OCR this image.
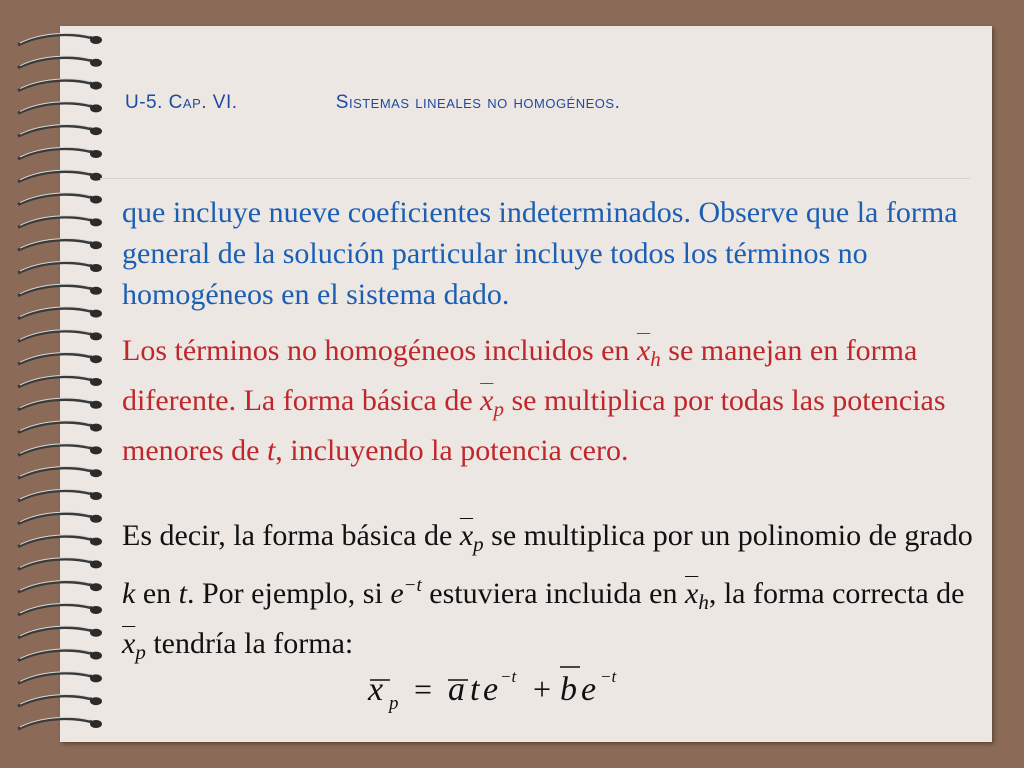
U-5. Cap. VI.	Sistemas lineales no homogéneos.

que incluye nueve coeficientes indeterminados. Observe que la forma general de la solución particular incluye todos los términos no homogéneos en el sistema dado.

Los términos no homogéneos incluidos en $\overline{x}_h$ se manejan en forma diferente. La forma básica de $\overline{x}_p$ se multiplica por todas las potencias menores de t, incluyendo la potencia cero.

Es decir, la forma básica de $\overline{x}_p$ se multiplica por un polinomio de grado k en t. Por ejemplo, si $e^{-t}$ estuviera incluida en $\overline{x}_h$, la forma correcta de $\overline{x}_p$ tendría la forma:

x p = a t e −t + b e −t
